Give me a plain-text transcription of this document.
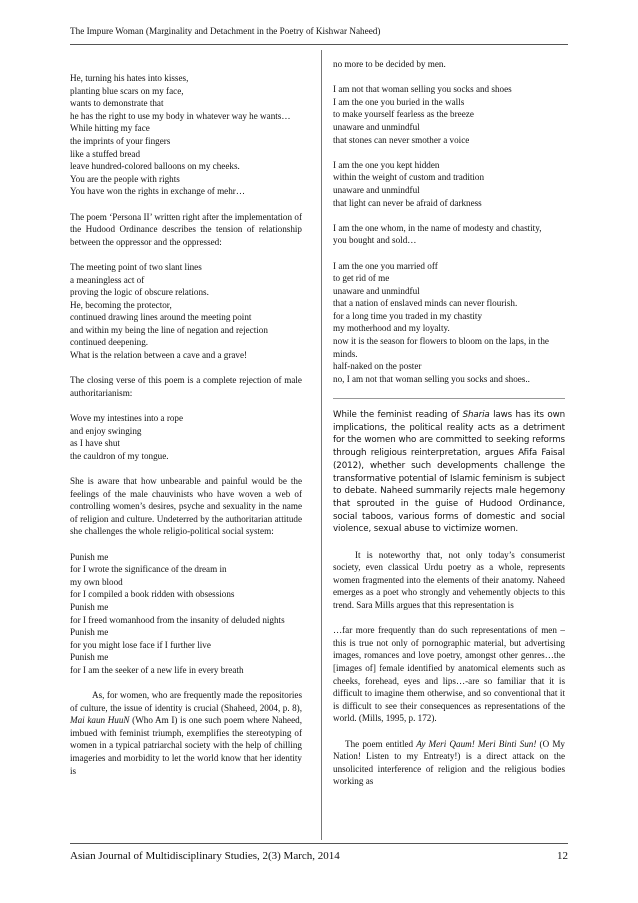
The Impure Woman (Marginality and Detachment in the Poetry of Kishwar Naheed)
He, turning his hates into kisses,
planting blue scars on my face,
wants to demonstrate that
he has the right to use my body in whatever way he wants…
While hitting my face
the imprints of your fingers
like a stuffed bread
leave hundred-colored balloons on my cheeks.
You are the people with rights
You have won the rights in exchange of mehr…

The poem ‘Persona II’ written right after the implementation of the Hudood Ordinance describes the tension of relationship between the oppressor and the oppressed:

The meeting point of two slant lines
a meaningless act of
proving the logic of obscure relations.
He, becoming the protector,
continued drawing lines around the meeting point
and within my being the line of negation and rejection
continued deepening.
What is the relation between a cave and a grave!

The closing verse of this poem is a complete rejection of male authoritarianism:

Wove my intestines into a rope
and enjoy swinging
as I have shut
the cauldron of my tongue.

She is aware that how unbearable and painful would be the feelings of the male chauvinists who have woven a web of controlling women’s desires, psyche and sexuality in the name of religion and culture. Undeterred by the authoritarian attitude she challenges the whole religio-political social system:

Punish me
for I wrote the significance of the dream in
my own blood
for I compiled a book ridden with obsessions
Punish me
for I freed womanhood from the insanity of deluded nights
Punish me
for you might lose face if I further live
Punish me
for I am the seeker of a new life in every breath

As, for women, who are frequently made the repositories of culture, the issue of identity is crucial (Shaheed, 2004, p. 8), Mai kaun HuuN (Who Am I) is one such poem where Naheed, imbued with feminist triumph, exemplifies the stereotyping of women in a typical patriarchal society with the help of chilling imageries and morbidity to let the world know that her identity is

no more to be decided by men.
I am not that woman selling you socks and shoes
I am the one you buried in the walls
to make yourself fearless as the breeze
unaware and unmindful
that stones can never smother a voice
I am the one you kept hidden
within the weight of custom and tradition
unaware and unmindful
that light can never be afraid of darkness
I am the one whom, in the name of modesty and chastity,
you bought and sold…
I am the one you married off
to get rid of me
unaware and unmindful
that a nation of enslaved minds can never flourish.
for a long time you traded in my chastity
my motherhood and my loyalty.
now it is the season for flowers to bloom on the laps, in the minds.
half-naked on the poster
no, I am not that woman selling you socks and shoes..

While the feminist reading of Sharia laws has its own implications, the political reality acts as a detriment for the women who are committed to seeking reforms through religious reinterpretation, argues Afifa Faisal (2012), whether such developments challenge the transformative potential of Islamic feminism is subject to debate. Naheed summarily rejects male hegemony that sprouted in the guise of Hudood Ordinance, social taboos, various forms of domestic and social violence, sexual abuse to victimize women.

It is noteworthy that, not only today’s consumerist society, even classical Urdu poetry as a whole, represents women fragmented into the elements of their anatomy. Naheed emerges as a poet who strongly and vehemently objects to this trend. Sara Mills argues that this representation is

…far more frequently than do such representations of men – this is true not only of pornographic material, but advertising images, romances and love poetry, amongst other genres…the [images of] female identified by anatomical elements such as cheeks, forehead, eyes and lips…-are so familiar that it is difficult to imagine them otherwise, and so conventional that it is difficult to see their consequences as representations of the world. (Mills, 1995, p. 172).

The poem entitled Ay Meri Qaum! Meri Binti Sun! (O My Nation! Listen to my Entreaty!) is a direct attack on the unsolicited interference of religion and the religious bodies working as

Asian Journal of Multidisciplinary Studies, 2(3) March, 2014	12
